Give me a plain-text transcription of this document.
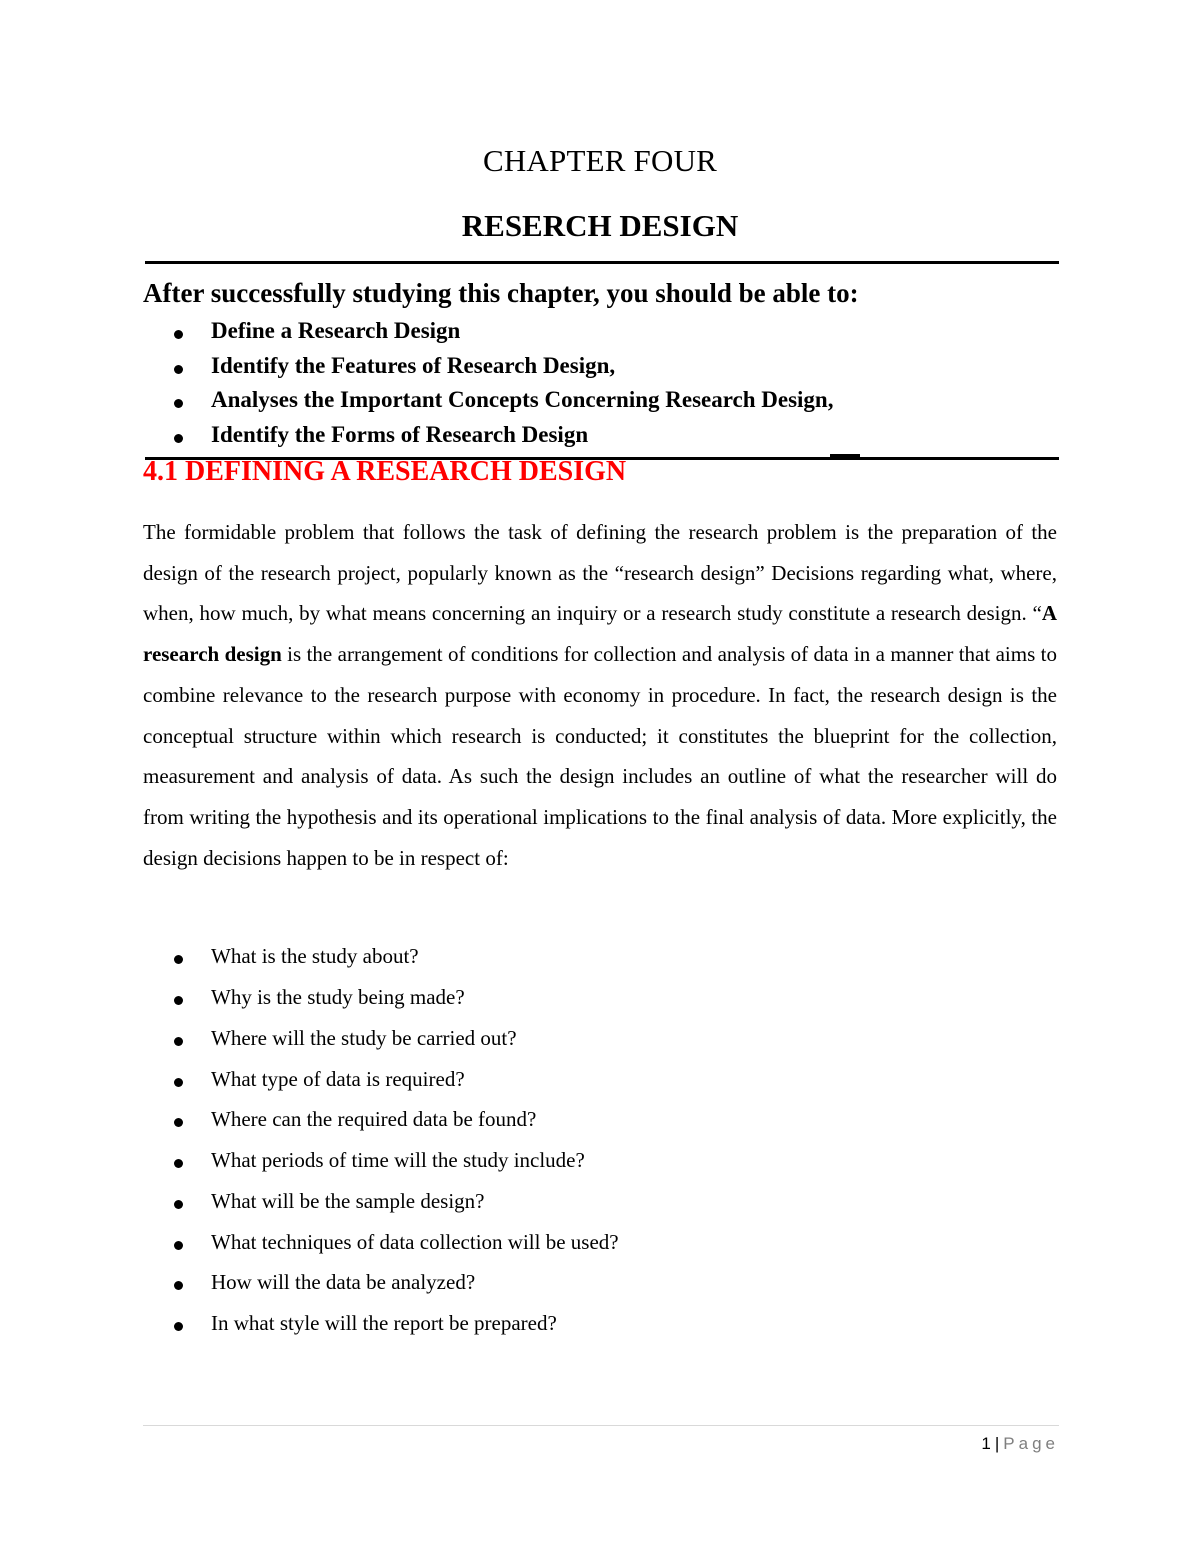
CHAPTER FOUR
RESERCH DESIGN
After successfully studying this chapter, you should be able to:
Define a Research Design
Identify the Features of Research Design,
Analyses the Important Concepts Concerning Research Design,
Identify the Forms of Research Design
4.1 DEFINING A RESEARCH DESIGN

The formidable problem that follows the task of defining the research problem is the preparation of the design of the research project, popularly known as the “research design” Decisions regarding what, where, when, how much, by what means concerning an inquiry or a research study constitute a research design. “A research design is the arrangement of conditions for collection and analysis of data in a manner that aims to combine relevance to the research purpose with economy in procedure. In fact, the research design is the conceptual structure within which research is conducted; it constitutes the blueprint for the collection, measurement and analysis of data. As such the design includes an outline of what the researcher will do from writing the hypothesis and its operational implications to the final analysis of data. More explicitly, the design decisions happen to be in respect of:

What is the study about?
Why is the study being made?
Where will the study be carried out?
What type of data is required?
Where can the required data be found?
What periods of time will the study include?
What will be the sample design?
What techniques of data collection will be used?
How will the data be analyzed?
In what style will the report be prepared?
1 | Page
